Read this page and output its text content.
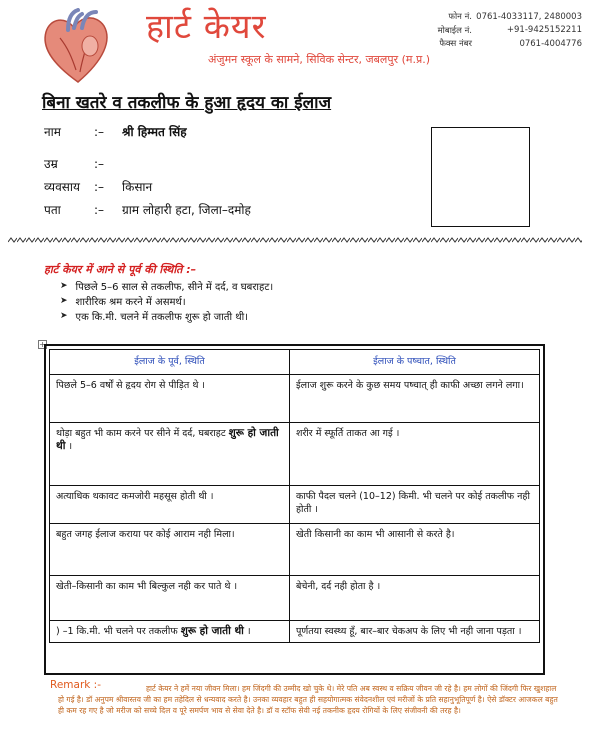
हार्ट केयर
अंजुमन स्कूल के सामने, सिविक सेन्टर, जबलपुर (म.प्र.)
फोन नं. 0761-4033117, 2480003
मोबाईल नं.	+91-9425152211
फैक्स नंबर	0761-4004776
बिना खतरे व तकलीफ के हुआ हृदय का ईलाज
नाम	:– श्री हिम्मत सिंह
उम्र	:–
व्यवसाय :– किसान
पता	:– ग्राम लोहारी हटा, जिला–दमोह
हार्ट केयर में आने से पूर्व की स्थिति :–
➤ पिछले 5–6 साल से तकलीफ, सीने में दर्द, व घबराहट।
➤ शारीरिक श्रम करने में असमर्थ।
➤ एक कि.मी. चलने में तकलीफ शुरू हो जाती थी।
+
ईलाज के पूर्व, स्थिति	ईलाज के पष्चात, स्थिति
पिछले 5–6 वर्षों से हृदय रोग से पीड़ित थे ।	ईलाज शुरू करने के कुछ समय पष्चात् ही काफी अच्छा लगने लगा।
थोड़ा बहुत भी काम करने पर सीने में दर्द, घबराहट शुरू हो जाती थी ।	शरीर में स्फूर्ति ताकत आ गई ।
अत्याधिक थकावट कमजोरी महसूस होती थी ।	काफी पैदल चलने (10–12) किमी. भी चलने पर कोई तकलीफ नही होती ।
बहुत जगह ईलाज कराया पर कोई आराम नही मिला।	खेती किसानी का काम भी आसानी से करते है।
खेती–किसानी का काम भी बिल्कुल नही कर पाते थे ।	बेचेनी, दर्द नही होता है ।
) –1 कि.मी. भी चलने पर तकलीफ शुरू हो जाती थी ।	पूर्णतया स्वस्थ्य हूँ, बार–बार चेकअप के लिए भी नही जाना पड़ता ।
Remark :-	हार्ट केयर ने हमें नया जीवन मिला। हम जिंदगी की उम्मीद खो चुके थे। मेरे पति अब स्वस्थ व सक्रिय जीवन जी रहे है। हम लोगों की जिंदगी फिर खुशहाल हो गई है। डॉ अनुपम श्रीवास्तव जी का हम तहेदिल से धन्यवाद करते है। उनका व्यवहार बहुत ही सहयोगात्मक संवेदनशील एवं मरीजों के प्रति सहानुभूतिपूर्ण है। ऐसे डॉक्टर आजकल बहुत ही कम रह गए है जो मरीज को सच्चे दिल व पूरे समर्पण भाव से सेवा देते है। डॉ व स्टॉफ सेवी नई तकनीक हृदय रोगियों के लिए संजीवनी की तरह है।
